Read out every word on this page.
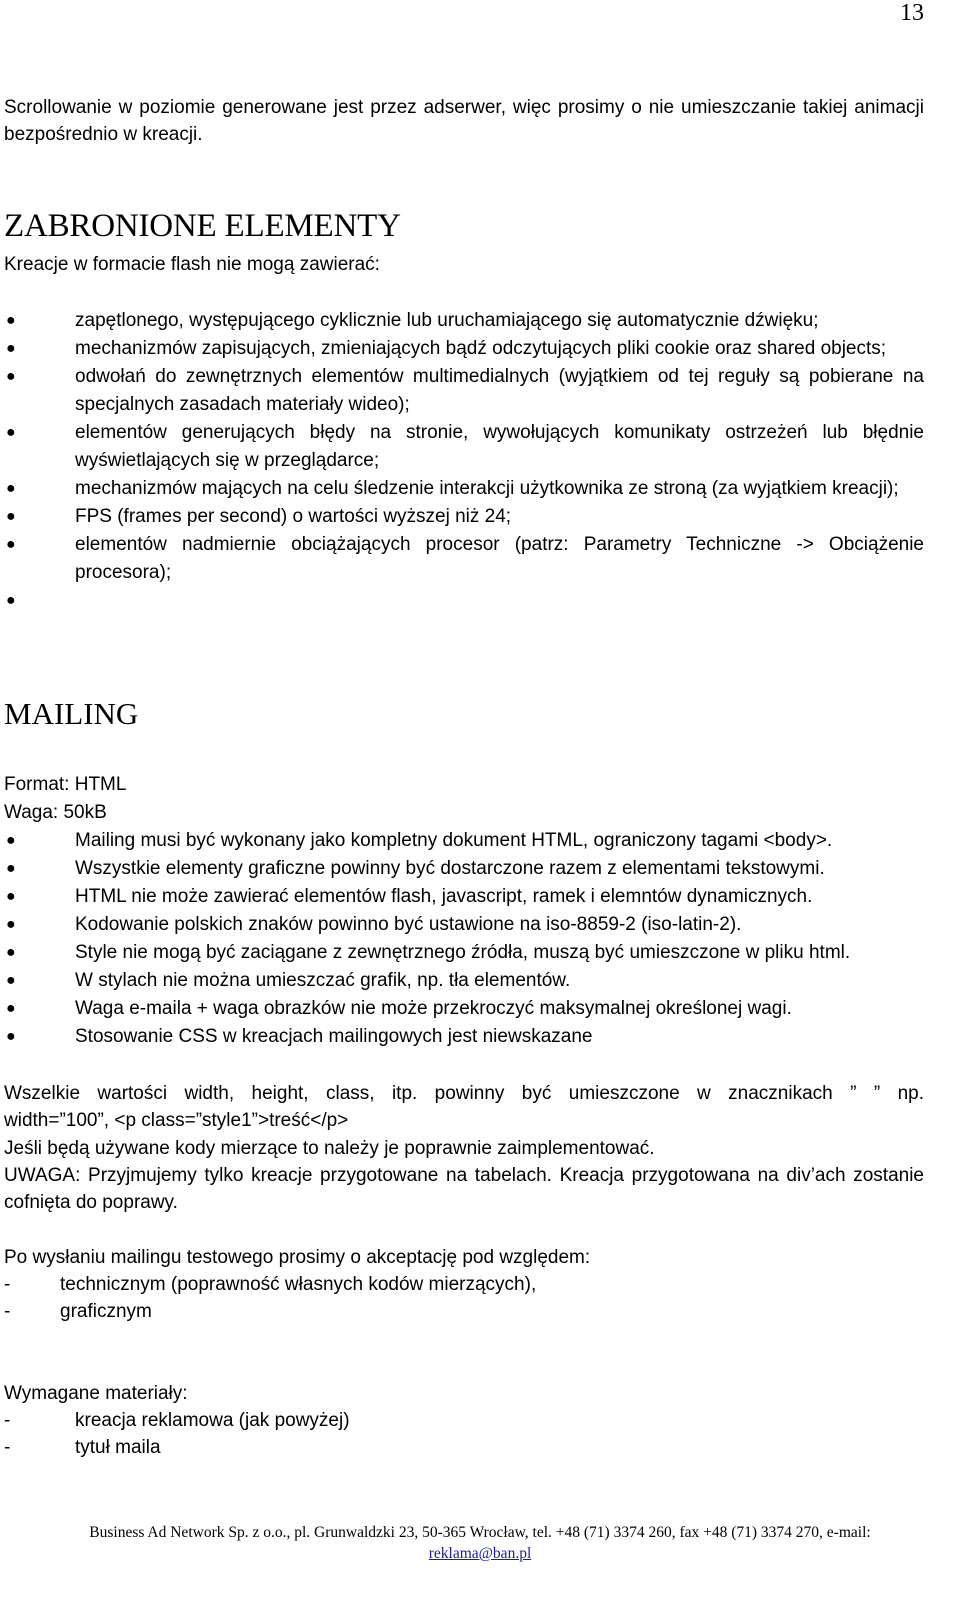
13

Scrollowanie w poziomie generowane jest przez adserwer, więc prosimy o nie umieszczanie takiej animacji bezpośrednio w kreacji.

ZABRONIONE ELEMENTY

Kreacje w formacie flash nie mogą zawierać:

●	zapętlonego, występującego cyklicznie lub uruchamiającego się automatycznie dźwięku;
●	mechanizmów zapisujących, zmieniających bądź odczytujących pliki cookie oraz shared objects;
●	odwołań do zewnętrznych elementów multimedialnych (wyjątkiem od tej reguły są pobierane na specjalnych zasadach materiały wideo);
●	elementów generujących błędy na stronie, wywołujących komunikaty ostrzeżeń lub błędnie wyświetlających się w przeglądarce;
●	mechanizmów mających na celu śledzenie interakcji użytkownika ze stroną (za wyjątkiem kreacji);
●	FPS (frames per second) o wartości wyższej niż 24;
●	elementów nadmiernie obciążających procesor (patrz: Parametry Techniczne -> Obciążenie procesora);
●

MAILING

Format: HTML

Waga: 50kB

●	Mailing musi być wykonany jako kompletny dokument HTML, ograniczony tagami <body>.
●	Wszystkie elementy graficzne powinny być dostarczone razem z elementami tekstowymi.
●	HTML nie może zawierać elementów flash, javascript, ramek i elemntów dynamicznych.
●	Kodowanie polskich znaków powinno być ustawione na iso-8859-2 (iso-latin-2).
●	Style nie mogą być zaciągane z zewnętrznego źródła, muszą być umieszczone w pliku html.
●	W stylach nie można umieszczać grafik, np. tła elementów.
●	Waga e-maila + waga obrazków nie może przekroczyć maksymalnej określonej wagi.
●	Stosowanie CSS w kreacjach mailingowych jest niewskazane

Wszelkie wartości width, height, class, itp. powinny być umieszczone w znacznikach ” ” np.

width=”100”, <p class=”style1”>treść</p>

Jeśli będą używane kody mierzące to należy je poprawnie zaimplementować.

UWAGA: Przyjmujemy tylko kreacje przygotowane na tabelach. Kreacja przygotowana na div’ach zostanie cofnięta do poprawy.

Po wysłaniu mailingu testowego prosimy o akceptację pod względem:

-	technicznym (poprawność własnych kodów mierzących),
-	graficznym

Wymagane materiały:

-	kreacja reklamowa (jak powyżej)
-	tytuł maila
Business Ad Network Sp. z o.o., pl. Grunwaldzki 23, 50-365 Wrocław, tel. +48 (71) 3374 260, fax +48 (71) 3374 270, e-mail:
reklama@ban.pl
